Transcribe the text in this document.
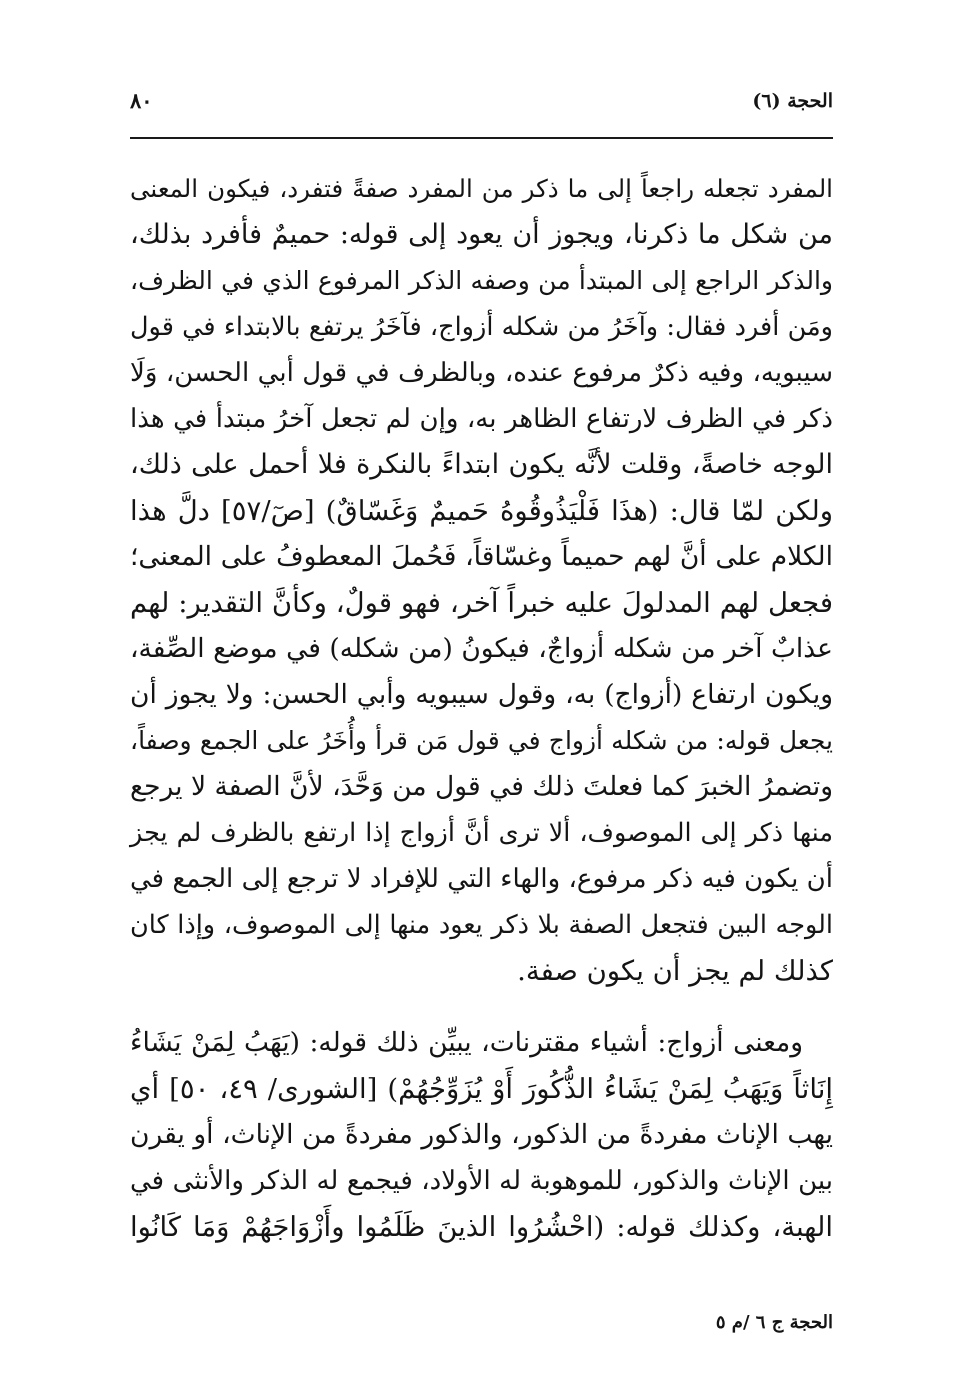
الحجة (٦)
٨٠
المفرد تجعله راجعاً إلى ما ذكر من المفرد صفةً فتفرد، فيكون المعنى
من شكل ما ذكرنا، ويجوز أن يعود إلى قوله: حميمٌ فأفرد بذلك،
والذكر الراجع إلى المبتدأ من وصفه الذكر المرفوع الذي في الظرف،
ومَن أفرد فقال: وآخَرُ من شكله أزواج، فآخَرُ يرتفع بالابتداء في قول
سيبويه، وفيه ذكرٌ مرفوع عنده، وبالظرف في قول أبي الحسن، وَلَا
ذكر في الظرف لارتفاع الظاهر به، وإن لم تجعل آخرُ مبتدأ في هذا
الوجه خاصةً، وقلت لأنَّه يكون ابتداءً بالنكرة فلا أحمل على ذلك،
ولكن لمّا قال: (هذَا فَلْيَذُوقُوهُ حَميمٌ وَغَسّاقٌ) [صٓ/٥٧] دلَّ هذا
الكلام على أنَّ لهم حميماً وغسّاقاً، فَحُملَ المعطوفُ على المعنى؛
فجعل لهم المدلولَ عليه خبراً آخر، فهو قولٌ، وكأنَّ التقدير: لهم
عذابٌ آخر من شكله أزواجٌ، فيكونُ (من شكله) في موضع الصِّفة،
ويكون ارتفاع (أزواج) به، وقول سيبويه وأبي الحسن: ولا يجوز أن
يجعل قوله: من شكله أزواج في قول مَن قرأ وأُخَرُ على الجمع وصفاً،
وتضمرُ الخبرَ كما فعلتَ ذلك في قول من وَحَّدَ، لأنَّ الصفة لا يرجع
منها ذكر إلى الموصوف، ألا ترى أنَّ أزواج إذا ارتفع بالظرف لم يجز
أن يكون فيه ذكر مرفوع، والهاء التي للإفراد لا ترجع إلى الجمع في
الوجه البين فتجعل الصفة بلا ذكر يعود منها إلى الموصوف، وإذا كان
كذلك لم يجز أن يكون صفة.
ومعنى أزواج: أشياء مقترنات، يبيِّن ذلك قوله: (يَهَبُ لِمَنْ يَشَاءُ
إِنَاثاً وَيَهَبُ لِمَنْ يَشَاءُ الذُّكُورَ أَوْ يُزَوِّجُهُمْ) [الشورى/ ٤٩، ٥٠] أي
يهب الإناث مفردةً من الذكور، والذكور مفردةً من الإناث، أو يقرن
بين الإناث والذكور، للموهوبة له الأولاد، فيجمع له الذكر والأنثى في
الهبة، وكذلك قوله: (احْشُرُوا الذينَ ظَلَمُوا وأَزْوَاجَهُمْ وَمَا كَانُوا
الحجة ج ٦ /م ٥
